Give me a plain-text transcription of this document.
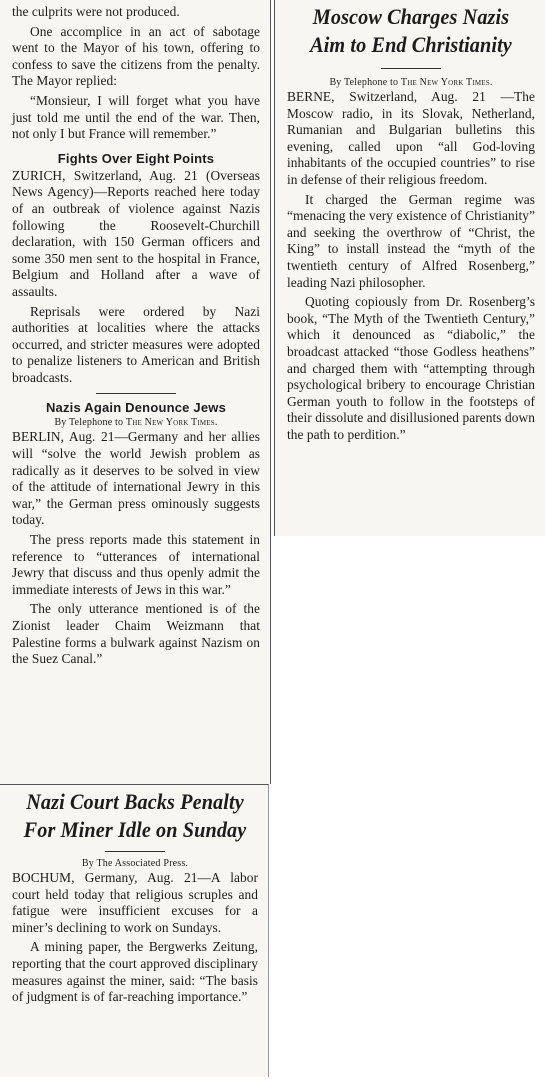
the culprits were not produced.

One accomplice in an act of sabotage went to the Mayor of his town, offering to confess to save the citizens from the penalty. The Mayor replied:

“Monsieur, I will forget what you have just told me until the end of the war. Then, not only I but France will remember.”

Fights Over Eight Points

ZURICH, Switzerland, Aug. 21 (Overseas News Agency)—Reports reached here today of an outbreak of violence against Nazis following the Roosevelt-Churchill declaration, with 150 German officers and some 350 men sent to the hospital in France, Belgium and Holland after a wave of assaults.

Reprisals were ordered by Nazi authorities at localities where the attacks occurred, and stricter measures were adopted to penalize listeners to American and British broadcasts.

Nazis Again Denounce Jews
By Telephone to The New York Times.

BERLIN, Aug. 21—Germany and her allies will “solve the world Jewish problem as radically as it deserves to be solved in view of the attitude of international Jewry in this war,” the German press ominously suggests today.

The press reports made this statement in reference to “utterances of international Jewry that discuss and thus openly admit the immediate interests of Jews in this war.”

The only utterance mentioned is of the Zionist leader Chaim Weizmann that Palestine forms a bulwark against Nazism on the Suez Canal.”

Moscow Charges Nazis
Aim to End Christianity
By Telephone to The New York Times.

BERNE, Switzerland, Aug. 21 —The Moscow radio, in its Slovak, Netherland, Rumanian and Bulgarian bulletins this evening, called upon “all God-loving inhabitants of the occupied countries” to rise in defense of their religious freedom.

It charged the German regime was “menacing the very existence of Christianity” and seeking the overthrow of “Christ, the King” to install instead the “myth of the twentieth century of Alfred Rosenberg,” leading Nazi philosopher.

Quoting copiously from Dr. Rosenberg’s book, “The Myth of the Twentieth Century,” which it denounced as “diabolic,” the broadcast attacked “those Godless heathens” and charged them with “attempting through psychological bribery to encourage Christian German youth to follow in the footsteps of their dissolute and disillusioned parents down the path to perdition.”

Nazi Court Backs Penalty
For Miner Idle on Sunday
By The Associated Press.

BOCHUM, Germany, Aug. 21—A labor court held today that religious scruples and fatigue were insufficient excuses for a miner’s declining to work on Sundays.

A mining paper, the Bergwerks Zeitung, reporting that the court approved disciplinary measures against the miner, said: “The basis of judgment is of far-reaching importance.”
